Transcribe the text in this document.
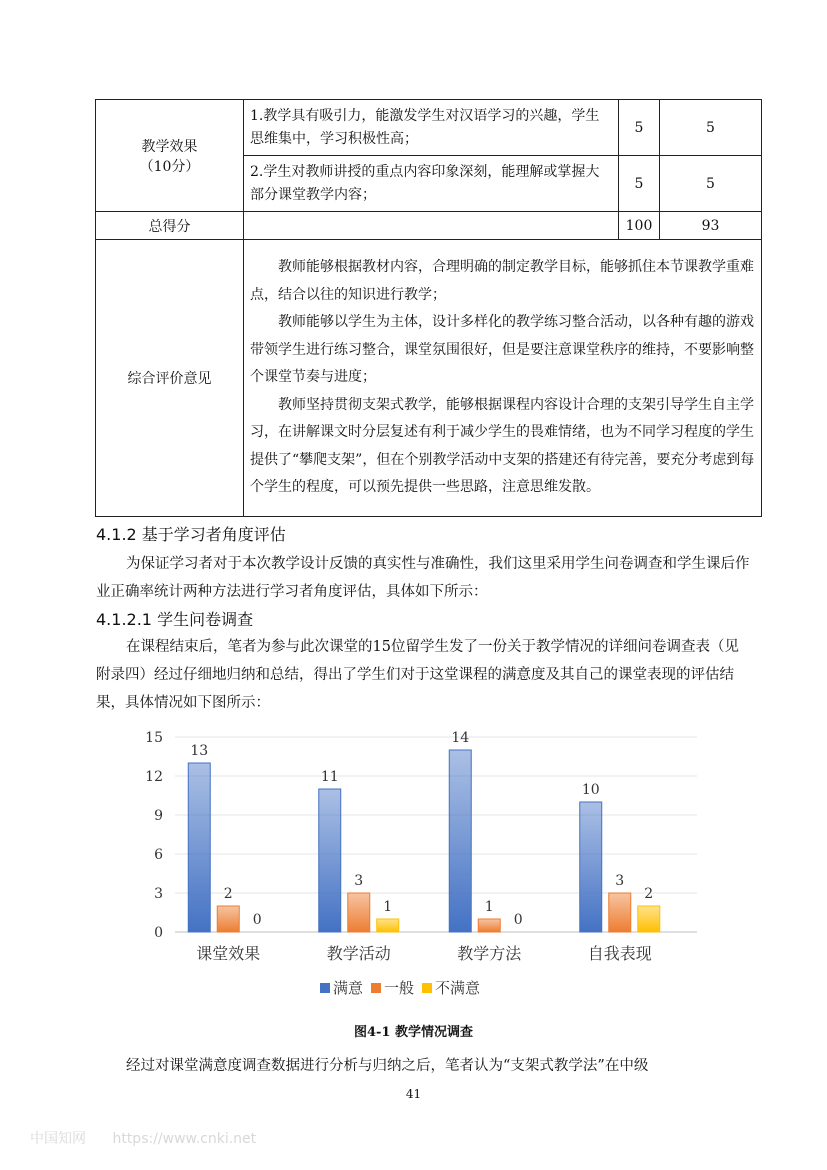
教学效果
（10分）	1.教学具有吸引力，能激发学生对汉语学习的兴趣，学生思维集中，学习积极性高；	5	5
	2.学生对教师讲授的重点内容印象深刻，能理解或掌握大部分课堂教学内容；	5	5
总得分		100	93
综合评价意见	教师能够根据教材内容，合理明确的制定教学目标，能够抓住本节课教学重难点，结合以往的知识进行教学；

教师能够以学生为主体，设计多样化的教学练习整合活动，以各种有趣的游戏带领学生进行练习整合，课堂氛围很好，但是要注意课堂秩序的维持，不要影响整个课堂节奏与进度；

教师坚持贯彻支架式教学，能够根据课程内容设计合理的支架引导学生自主学习，在讲解课文时分层复述有利于减少学生的畏难情绪，也为不同学习程度的学生提供了“攀爬支架”，但在个别教学活动中支架的搭建还有待完善，要充分考虑到每个学生的程度，可以预先提供一些思路，注意思维发散。		

4.1.2 基于学习者角度评估

为保证学习者对于本次教学设计反馈的真实性与准确性，我们这里采用学生问卷调查和学生课后作业正确率统计两种方法进行学习者角度评估，具体如下所示：

4.1.2.1 学生问卷调查

在课程结束后，笔者为参与此次课堂的15位留学生发了一份关于教学情况的详细问卷调查表（见附录四）经过仔细地归纳和总结，得出了学生们对于这堂课程的满意度及其自己的课堂表现的评估结果，具体情况如下图所示：

0
3
6
9
12
15
13
2
0
课堂效果
11
3
1
教学活动
14
1
0
教学方法
10
3
2
自我表现
满意 一般 不满意
图4-1 教学情况调查

经过对课堂满意度调查数据进行分析与归纳之后，笔者认为“支架式教学法”在中级

41
中国知网 https://www.cnki.net
